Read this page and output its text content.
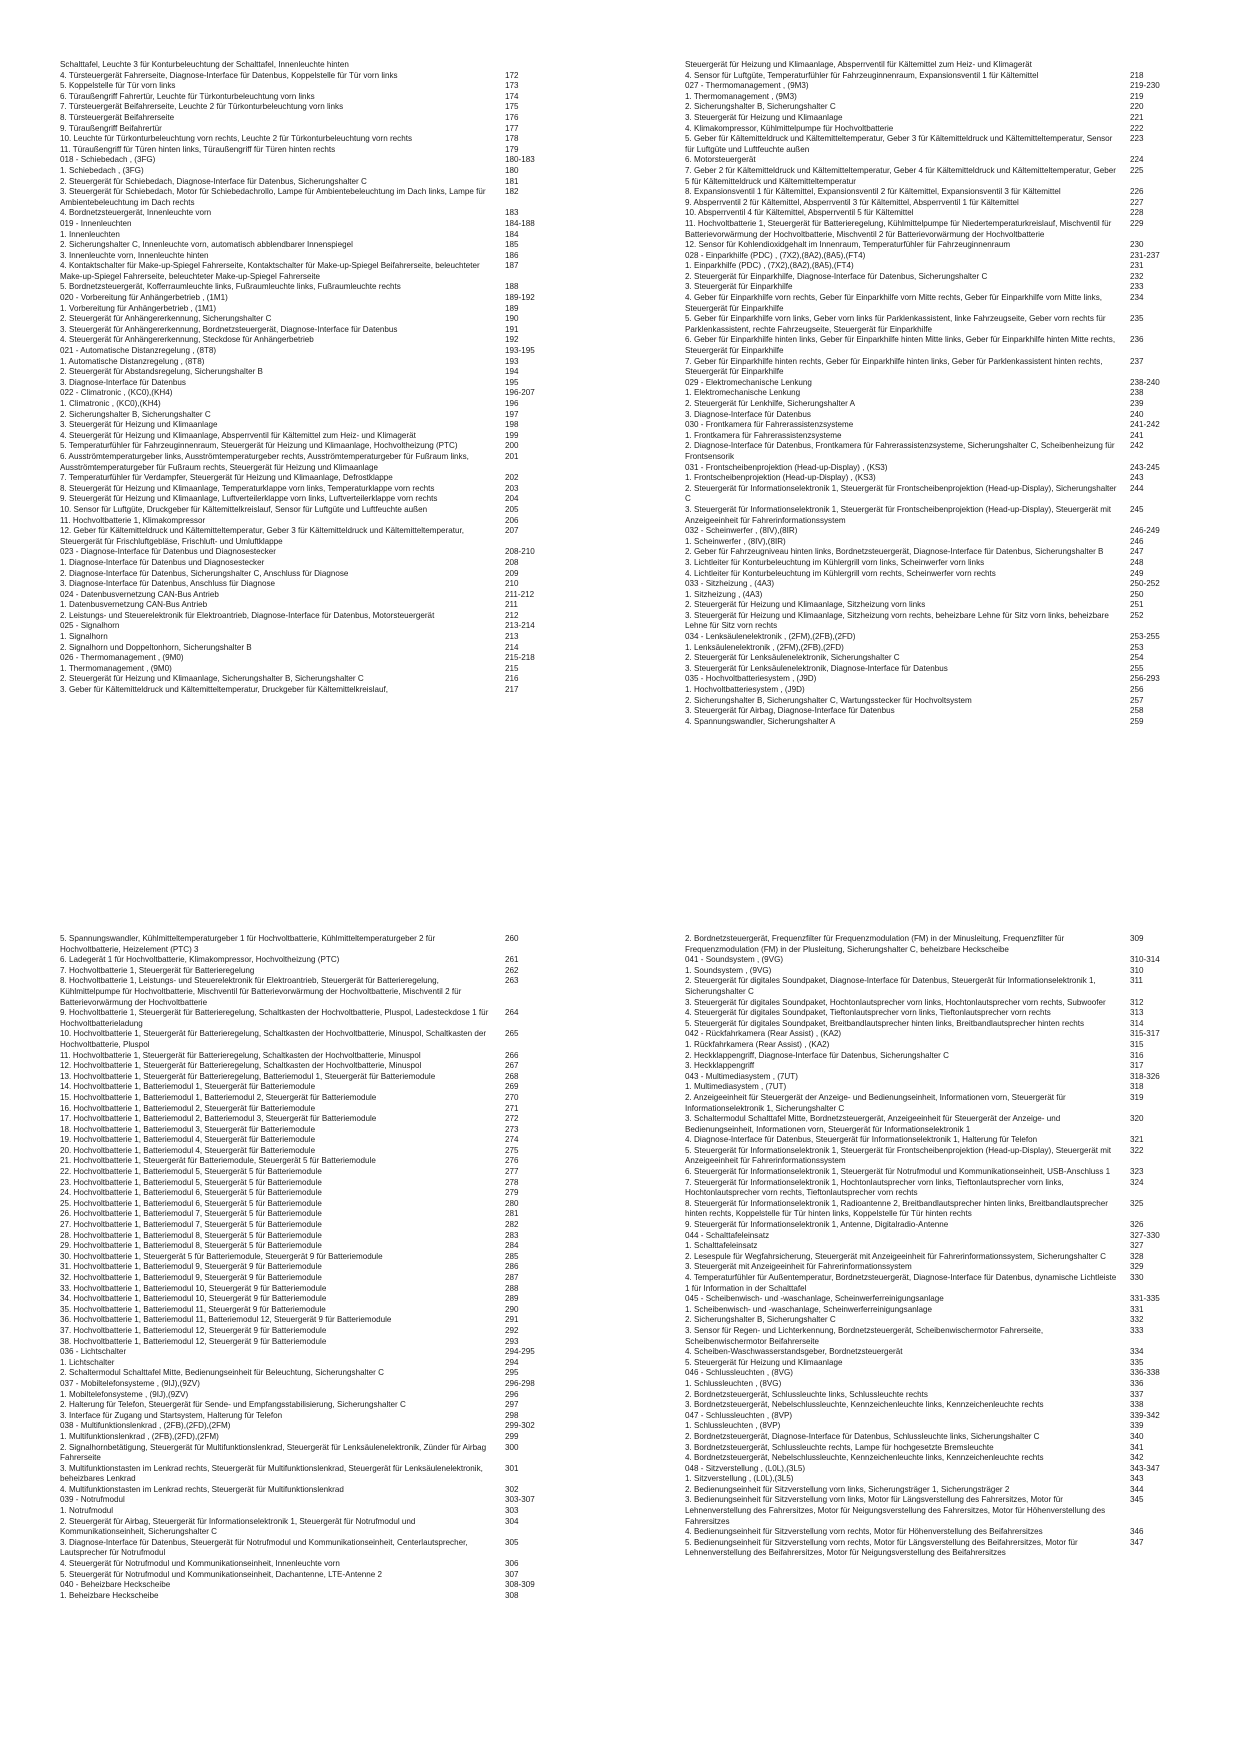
Schalttafel, Leuchte 3 für Konturbeleuchtung der Schalttafel, Innenleuchte hinten
4. Türsteuergerät Fahrerseite, Diagnose-Interface für Datenbus, Koppelstelle für Tür vorn links	172
5. Koppelstelle für Tür vorn links	173
6. Türaußengriff Fahrertür, Leuchte für Türkonturbeleuchtung vorn links	174
7. Türsteuergerät Beifahrerseite, Leuchte 2 für Türkonturbeleuchtung vorn links	175
8. Türsteuergerät Beifahrerseite	176
9. Türaußengriff Beifahrertür	177
10. Leuchte für Türkonturbeleuchtung vorn rechts, Leuchte 2 für Türkonturbeleuchtung vorn rechts	178
11. Türaußengriff für Türen hinten links, Türaußengriff für Türen hinten rechts	179
018 - Schiebedach , (3FG)	180-183
1. Schiebedach , (3FG)	180
2. Steuergerät für Schiebedach, Diagnose-Interface für Datenbus, Sicherungshalter C	181
3. Steuergerät für Schiebedach, Motor für Schiebedachrollo, Lampe für Ambientebeleuchtung im Dach links, Lampe für Ambientebeleuchtung im Dach rechts
182
4. Bordnetzsteuergerät, Innenleuchte vorn	183
019 - Innenleuchten	184-188
1. Innenleuchten	184
2. Sicherungshalter C, Innenleuchte vorn, automatisch abblendbarer Innenspiegel	185
3. Innenleuchte vorn, Innenleuchte hinten	186
4. Kontaktschalter für Make-up-Spiegel Fahrerseite, Kontaktschalter für Make-up-Spiegel Beifahrerseite, beleuchteter Make-up-Spiegel Fahrerseite, beleuchteter Make-up-Spiegel Fahrerseite
187
5. Bordnetzsteuergerät, Kofferraumleuchte links, Fußraumleuchte links, Fußraumleuchte rechts	188
020 - Vorbereitung für Anhängerbetrieb , (1M1)	189-192
1. Vorbereitung für Anhängerbetrieb , (1M1)	189
2. Steuergerät für Anhängererkennung, Sicherungshalter C	190
3. Steuergerät für Anhängererkennung, Bordnetzsteuergerät, Diagnose-Interface für Datenbus	191
4. Steuergerät für Anhängererkennung, Steckdose für Anhängerbetrieb	192
021 - Automatische Distanzregelung , (8T8)	193-195
1. Automatische Distanzregelung , (8T8)	193
2. Steuergerät für Abstandsregelung, Sicherungshalter B	194
3. Diagnose-Interface für Datenbus	195
022 - Climatronic , (KC0),(KH4)	196-207
1. Climatronic , (KC0),(KH4)	196
2. Sicherungshalter B, Sicherungshalter C	197
3. Steuergerät für Heizung und Klimaanlage	198
4. Steuergerät für Heizung und Klimaanlage, Absperrventil für Kältemittel zum Heiz- und Klimagerät	199
5. Temperaturfühler für Fahrzeuginnenraum, Steuergerät für Heizung und Klimaanlage, Hochvoltheizung (PTC)	200
6. Ausströmtemperaturgeber links, Ausströmtemperaturgeber rechts, Ausströmtemperaturgeber für Fußraum links, Ausströmtemperaturgeber für Fußraum rechts, Steuergerät für Heizung und Klimaanlage
201
7. Temperaturfühler für Verdampfer, Steuergerät für Heizung und Klimaanlage, Defrostklappe	202
8. Steuergerät für Heizung und Klimaanlage, Temperaturklappe vorn links, Temperaturklappe vorn rechts	203
9. Steuergerät für Heizung und Klimaanlage, Luftverteilerklappe vorn links, Luftverteilerklappe vorn rechts	204
10. Sensor für Luftgüte, Druckgeber für Kältemittelkreislauf, Sensor für Luftgüte und Luftfeuchte außen	205
11. Hochvoltbatterie 1, Klimakompressor	206
12. Geber für Kältemitteldruck und Kältemitteltemperatur, Geber 3 für Kältemitteldruck und Kältemitteltemperatur, Steuergerät für Frischluftgebläse, Frischluft- und Umluftklappe
207
023 - Diagnose-Interface für Datenbus und Diagnosestecker	208-210
1. Diagnose-Interface für Datenbus und Diagnosestecker	208
2. Diagnose-Interface für Datenbus, Sicherungshalter C, Anschluss für Diagnose	209
3. Diagnose-Interface für Datenbus, Anschluss für Diagnose	210
024 - Datenbusvernetzung CAN-Bus Antrieb	211-212
1. Datenbusvernetzung CAN-Bus Antrieb	211
2. Leistungs- und Steuerelektronik für Elektroantrieb, Diagnose-Interface für Datenbus, Motorsteuergerät	212
025 - Signalhorn	213-214
1. Signalhorn	213
2. Signalhorn und Doppeltonhorn, Sicherungshalter B	214
026 - Thermomanagement , (9M0)	215-218
1. Thermomanagement , (9M0)	215
2. Steuergerät für Heizung und Klimaanlage, Sicherungshalter B, Sicherungshalter C	216
3. Geber für Kältemitteldruck und Kältemitteltemperatur, Druckgeber für Kältemittelkreislauf,	217
Steuergerät für Heizung und Klimaanlage, Absperrventil für Kältemittel zum Heiz- und Klimagerät
4. Sensor für Luftgüte, Temperaturfühler für Fahrzeuginnenraum, Expansionsventil 1 für Kältemittel	218
027 - Thermomanagement , (9M3)	219-230
1. Thermomanagement , (9M3)	219
2. Sicherungshalter B, Sicherungshalter C	220
3. Steuergerät für Heizung und Klimaanlage	221
4. Klimakompressor, Kühlmittelpumpe für Hochvoltbatterie	222
5. Geber für Kältemitteldruck und Kältemitteltemperatur, Geber 3 für Kältemitteldruck und Kältemitteltemperatur, Sensor für Luftgüte und Luftfeuchte außen
223
6. Motorsteuergerät	224
7. Geber 2 für Kältemitteldruck und Kältemitteltemperatur, Geber 4 für Kältemitteldruck und Kältemitteltemperatur, Geber 5 für Kältemitteldruck und Kältemitteltemperatur
225
8. Expansionsventil 1 für Kältemittel, Expansionsventil 2 für Kältemittel, Expansionsventil 3 für Kältemittel	226
9. Absperrventil 2 für Kältemittel, Absperrventil 3 für Kältemittel, Absperrventil 1 für Kältemittel	227
10. Absperrventil 4 für Kältemittel, Absperrventil 5 für Kältemittel	228
11. Hochvoltbatterie 1, Steuergerät für Batterieregelung, Kühlmittelpumpe für Niedertemperaturkreislauf, Mischventil für Batterievorwärmung der Hochvoltbatterie, Mischventil 2 für Batterievorwärmung der Hochvoltbatterie
229
12. Sensor für Kohlendioxidgehalt im Innenraum, Temperaturfühler für Fahrzeuginnenraum	230
028 - Einparkhilfe (PDC) , (7X2),(8A2),(8A5),(FT4)	231-237
1. Einparkhilfe (PDC) , (7X2),(8A2),(8A5),(FT4)	231
2. Steuergerät für Einparkhilfe, Diagnose-Interface für Datenbus, Sicherungshalter C	232
3. Steuergerät für Einparkhilfe	233
4. Geber für Einparkhilfe vorn rechts, Geber für Einparkhilfe vorn Mitte rechts, Geber für Einparkhilfe vorn Mitte links, Steuergerät für Einparkhilfe
234
5. Geber für Einparkhilfe vorn links, Geber vorn links für Parklenkassistent, linke Fahrzeugseite, Geber vorn rechts für Parklenkassistent, rechte Fahrzeugseite, Steuergerät für Einparkhilfe
235
6. Geber für Einparkhilfe hinten links, Geber für Einparkhilfe hinten Mitte links, Geber für Einparkhilfe hinten Mitte rechts, Steuergerät für Einparkhilfe
236
7. Geber für Einparkhilfe hinten rechts, Geber für Einparkhilfe hinten links, Geber für Parklenkassistent hinten rechts, Steuergerät für Einparkhilfe
237
029 - Elektromechanische Lenkung	238-240
1. Elektromechanische Lenkung	238
2. Steuergerät für Lenkhilfe, Sicherungshalter A	239
3. Diagnose-Interface für Datenbus	240
030 - Frontkamera für Fahrerassistenzsysteme	241-242
1. Frontkamera für Fahrerassistenzsysteme	241
2. Diagnose-Interface für Datenbus, Frontkamera für Fahrerassistenzsysteme, Sicherungshalter C, Scheibenheizung für Frontsensorik
242
031 - Frontscheibenprojektion (Head-up-Display) , (KS3)	243-245
1. Frontscheibenprojektion (Head-up-Display) , (KS3)	243
2. Steuergerät für Informationselektronik 1, Steuergerät für Frontscheibenprojektion (Head-up-Display), Sicherungshalter C
244
3. Steuergerät für Informationselektronik 1, Steuergerät für Frontscheibenprojektion (Head-up-Display), Steuergerät mit Anzeigeeinheit für Fahrerinformationssystem
245
032 - Scheinwerfer , (8IV),(8IR)	246-249
1. Scheinwerfer , (8IV),(8IR)	246
2. Geber für Fahrzeugniveau hinten links, Bordnetzsteuergerät, Diagnose-Interface für Datenbus, Sicherungshalter B	247
3. Lichtleiter für Konturbeleuchtung im Kühlergrill vorn links, Scheinwerfer vorn links	248
4. Lichtleiter für Konturbeleuchtung im Kühlergrill vorn rechts, Scheinwerfer vorn rechts	249
033 - Sitzheizung , (4A3)	250-252
1. Sitzheizung , (4A3)	250
2. Steuergerät für Heizung und Klimaanlage, Sitzheizung vorn links	251
3. Steuergerät für Heizung und Klimaanlage, Sitzheizung vorn rechts, beheizbare Lehne für Sitz vorn links, beheizbare Lehne für Sitz vorn rechts
252
034 - Lenksäulenelektronik , (2FM),(2FB),(2FD)	253-255
1. Lenksäulenelektronik , (2FM),(2FB),(2FD)	253
2. Steuergerät für Lenksäulenelektronik, Sicherungshalter C	254
3. Steuergerät für Lenksäulenelektronik, Diagnose-Interface für Datenbus	255
035 - Hochvoltbatteriesystem , (J9D)	256-293
1. Hochvoltbatteriesystem , (J9D)	256
2. Sicherungshalter B, Sicherungshalter C, Wartungsstecker für Hochvoltsystem	257
3. Steuergerät für Airbag, Diagnose-Interface für Datenbus	258
4. Spannungswandler, Sicherungshalter A	259
5. Spannungswandler, Kühlmitteltemperaturgeber 1 für Hochvoltbatterie, Kühlmitteltemperaturgeber 2 für Hochvoltbatterie, Heizelement (PTC) 3
260
6. Ladegerät 1 für Hochvoltbatterie, Klimakompressor, Hochvoltheizung (PTC)	261
7. Hochvoltbatterie 1, Steuergerät für Batterieregelung	262
8. Hochvoltbatterie 1, Leistungs- und Steuerelektronik für Elektroantrieb, Steuergerät für Batterieregelung, Kühlmittelpumpe für Hochvoltbatterie, Mischventil für Batterievorwärmung der Hochvoltbatterie, Mischventil 2 für Batterievorwärmung der Hochvoltbatterie
263
9. Hochvoltbatterie 1, Steuergerät für Batterieregelung, Schaltkasten der Hochvoltbatterie, Pluspol, Ladesteckdose 1 für Hochvoltbatterieladung
264
10. Hochvoltbatterie 1, Steuergerät für Batterieregelung, Schaltkasten der Hochvoltbatterie, Minuspol, Schaltkasten der Hochvoltbatterie, Pluspol
265
11. Hochvoltbatterie 1, Steuergerät für Batterieregelung, Schaltkasten der Hochvoltbatterie, Minuspol	266
12. Hochvoltbatterie 1, Steuergerät für Batterieregelung, Schaltkasten der Hochvoltbatterie, Minuspol	267
13. Hochvoltbatterie 1, Steuergerät für Batterieregelung, Batteriemodul 1, Steuergerät für Batteriemodule	268
14. Hochvoltbatterie 1, Batteriemodul 1, Steuergerät für Batteriemodule	269
15. Hochvoltbatterie 1, Batteriemodul 1, Batteriemodul 2, Steuergerät für Batteriemodule	270
16. Hochvoltbatterie 1, Batteriemodul 2, Steuergerät für Batteriemodule	271
17. Hochvoltbatterie 1, Batteriemodul 2, Batteriemodul 3, Steuergerät für Batteriemodule	272
18. Hochvoltbatterie 1, Batteriemodul 3, Steuergerät für Batteriemodule	273
19. Hochvoltbatterie 1, Batteriemodul 4, Steuergerät für Batteriemodule	274
20. Hochvoltbatterie 1, Batteriemodul 4, Steuergerät für Batteriemodule	275
21. Hochvoltbatterie 1, Steuergerät für Batteriemodule, Steuergerät 5 für Batteriemodule	276
22. Hochvoltbatterie 1, Batteriemodul 5, Steuergerät 5 für Batteriemodule	277
23. Hochvoltbatterie 1, Batteriemodul 5, Steuergerät 5 für Batteriemodule	278
24. Hochvoltbatterie 1, Batteriemodul 6, Steuergerät 5 für Batteriemodule	279
25. Hochvoltbatterie 1, Batteriemodul 6, Steuergerät 5 für Batteriemodule	280
26. Hochvoltbatterie 1, Batteriemodul 7, Steuergerät 5 für Batteriemodule	281
27. Hochvoltbatterie 1, Batteriemodul 7, Steuergerät 5 für Batteriemodule	282
28. Hochvoltbatterie 1, Batteriemodul 8, Steuergerät 5 für Batteriemodule	283
29. Hochvoltbatterie 1, Batteriemodul 8, Steuergerät 5 für Batteriemodule	284
30. Hochvoltbatterie 1, Steuergerät 5 für Batteriemodule, Steuergerät 9 für Batteriemodule	285
31. Hochvoltbatterie 1, Batteriemodul 9, Steuergerät 9 für Batteriemodule	286
32. Hochvoltbatterie 1, Batteriemodul 9, Steuergerät 9 für Batteriemodule	287
33. Hochvoltbatterie 1, Batteriemodul 10, Steuergerät 9 für Batteriemodule	288
34. Hochvoltbatterie 1, Batteriemodul 10, Steuergerät 9 für Batteriemodule	289
35. Hochvoltbatterie 1, Batteriemodul 11, Steuergerät 9 für Batteriemodule	290
36. Hochvoltbatterie 1, Batteriemodul 11, Batteriemodul 12, Steuergerät 9 für Batteriemodule	291
37. Hochvoltbatterie 1, Batteriemodul 12, Steuergerät 9 für Batteriemodule	292
38. Hochvoltbatterie 1, Batteriemodul 12, Steuergerät 9 für Batteriemodule	293
036 - Lichtschalter	294-295
1. Lichtschalter	294
2. Schaltermodul Schalttafel Mitte, Bedienungseinheit für Beleuchtung, Sicherungshalter C	295
037 - Mobiltelefonsysteme , (9IJ),(9ZV)	296-298
1. Mobiltelefonsysteme , (9IJ),(9ZV)	296
2. Halterung für Telefon, Steuergerät für Sende- und Empfangsstabilisierung, Sicherungshalter C	297
3. Interface für Zugang und Startsystem, Halterung für Telefon	298
038 - Multifunktionslenkrad , (2FB),(2FD),(2FM)	299-302
1. Multifunktionslenkrad , (2FB),(2FD),(2FM)	299
2. Signalhornbetätigung, Steuergerät für Multifunktionslenkrad, Steuergerät für Lenksäulenelektronik, Zünder für Airbag Fahrerseite
300
3. Multifunktionstasten im Lenkrad rechts, Steuergerät für Multifunktionslenkrad, Steuergerät für Lenksäulenelektronik, beheizbares Lenkrad
301
4. Multifunktionstasten im Lenkrad rechts, Steuergerät für Multifunktionslenkrad	302
039 - Notrufmodul	303-307
1. Notrufmodul	303
2. Steuergerät für Airbag, Steuergerät für Informationselektronik 1, Steuergerät für Notrufmodul und Kommunikationseinheit, Sicherungshalter C
304
3. Diagnose-Interface für Datenbus, Steuergerät für Notrufmodul und Kommunikationseinheit, Centerlautsprecher, Lautsprecher für Notrufmodul
305
4. Steuergerät für Notrufmodul und Kommunikationseinheit, Innenleuchte vorn	306
5. Steuergerät für Notrufmodul und Kommunikationseinheit, Dachantenne, LTE-Antenne 2	307
040 - Beheizbare Heckscheibe	308-309
1. Beheizbare Heckscheibe	308
2. Bordnetzsteuergerät, Frequenzfilter für Frequenzmodulation (FM) in der Minusleitung, Frequenzfilter für Frequenzmodulation (FM) in der Plusleitung, Sicherungshalter C, beheizbare Heckscheibe
309
041 - Soundsystem , (9VG)	310-314
1. Soundsystem , (9VG)	310
2. Steuergerät für digitales Soundpaket, Diagnose-Interface für Datenbus, Steuergerät für Informationselektronik 1, Sicherungshalter C
311
3. Steuergerät für digitales Soundpaket, Hochtonlautsprecher vorn links, Hochtonlautsprecher vorn rechts, Subwoofer	312
4. Steuergerät für digitales Soundpaket, Tieftonlautsprecher vorn links, Tieftonlautsprecher vorn rechts	313
5. Steuergerät für digitales Soundpaket, Breitbandlautsprecher hinten links, Breitbandlautsprecher hinten rechts	314
042 - Rückfahrkamera (Rear Assist) , (KA2)	315-317
1. Rückfahrkamera (Rear Assist) , (KA2)	315
2. Heckklappengriff, Diagnose-Interface für Datenbus, Sicherungshalter C	316
3. Heckklappengriff	317
043 - Multimediasystem , (7UT)	318-326
1. Multimediasystem , (7UT)	318
2. Anzeigeeinheit für Steuergerät der Anzeige- und Bedienungseinheit, Informationen vorn, Steuergerät für Informationselektronik 1, Sicherungshalter C
319
3. Schaltermodul Schalttafel Mitte, Bordnetzsteuergerät, Anzeigeeinheit für Steuergerät der Anzeige- und Bedienungseinheit, Informationen vorn, Steuergerät für Informationselektronik 1
320
4. Diagnose-Interface für Datenbus, Steuergerät für Informationselektronik 1, Halterung für Telefon	321
5. Steuergerät für Informationselektronik 1, Steuergerät für Frontscheibenprojektion (Head-up-Display), Steuergerät mit Anzeigeeinheit für Fahrerinformationssystem
322
6. Steuergerät für Informationselektronik 1, Steuergerät für Notrufmodul und Kommunikationseinheit, USB-Anschluss 1	323
7. Steuergerät für Informationselektronik 1, Hochtonlautsprecher vorn links, Tieftonlautsprecher vorn links, Hochtonlautsprecher vorn rechts, Tieftonlautsprecher vorn rechts
324
8. Steuergerät für Informationselektronik 1, Radioantenne 2, Breitbandlautsprecher hinten links, Breitbandlautsprecher hinten rechts, Koppelstelle für Tür hinten links, Koppelstelle für Tür hinten rechts
325
9. Steuergerät für Informationselektronik 1, Antenne, Digitalradio-Antenne	326
044 - Schalttafeleinsatz	327-330
1. Schalttafeleinsatz	327
2. Lesespule für Wegfahrsicherung, Steuergerät mit Anzeigeeinheit für Fahrerinformationssystem, Sicherungshalter C	328
3. Steuergerät mit Anzeigeeinheit für Fahrerinformationssystem	329
4. Temperaturfühler für Außentemperatur, Bordnetzsteuergerät, Diagnose-Interface für Datenbus, dynamische Lichtleiste 1 für Information in der Schalttafel
330
045 - Scheibenwisch- und -waschanlage, Scheinwerferreinigungsanlage	331-335
1. Scheibenwisch- und -waschanlage, Scheinwerferreinigungsanlage	331
2. Sicherungshalter B, Sicherungshalter C	332
3. Sensor für Regen- und Lichterkennung, Bordnetzsteuergerät, Scheibenwischermotor Fahrerseite, Scheibenwischermotor Beifahrerseite
333
4. Scheiben-Waschwasserstandsgeber, Bordnetzsteuergerät	334
5. Steuergerät für Heizung und Klimaanlage	335
046 - Schlussleuchten , (8VG)	336-338
1. Schlussleuchten , (8VG)	336
2. Bordnetzsteuergerät, Schlussleuchte links, Schlussleuchte rechts	337
3. Bordnetzsteuergerät, Nebelschlussleuchte, Kennzeichenleuchte links, Kennzeichenleuchte rechts	338
047 - Schlussleuchten , (8VP)	339-342
1. Schlussleuchten , (8VP)	339
2. Bordnetzsteuergerät, Diagnose-Interface für Datenbus, Schlussleuchte links, Sicherungshalter C	340
3. Bordnetzsteuergerät, Schlussleuchte rechts, Lampe für hochgesetzte Bremsleuchte	341
4. Bordnetzsteuergerät, Nebelschlussleuchte, Kennzeichenleuchte links, Kennzeichenleuchte rechts	342
048 - Sitzverstellung , (L0L),(3L5)	343-347
1. Sitzverstellung , (L0L),(3L5)	343
2. Bedienungseinheit für Sitzverstellung vorn links, Sicherungsträger 1, Sicherungsträger 2	344
3. Bedienungseinheit für Sitzverstellung vorn links, Motor für Längsverstellung des Fahrersitzes, Motor für Lehnenverstellung des Fahrersitzes, Motor für Neigungsverstellung des Fahrersitzes, Motor für Höhenverstellung des Fahrersitzes
345
4. Bedienungseinheit für Sitzverstellung vorn rechts, Motor für Höhenverstellung des Beifahrersitzes	346
5. Bedienungseinheit für Sitzverstellung vorn rechts, Motor für Längsverstellung des Beifahrersitzes, Motor für Lehnenverstellung des Beifahrersitzes, Motor für Neigungsverstellung des Beifahrersitzes
347
